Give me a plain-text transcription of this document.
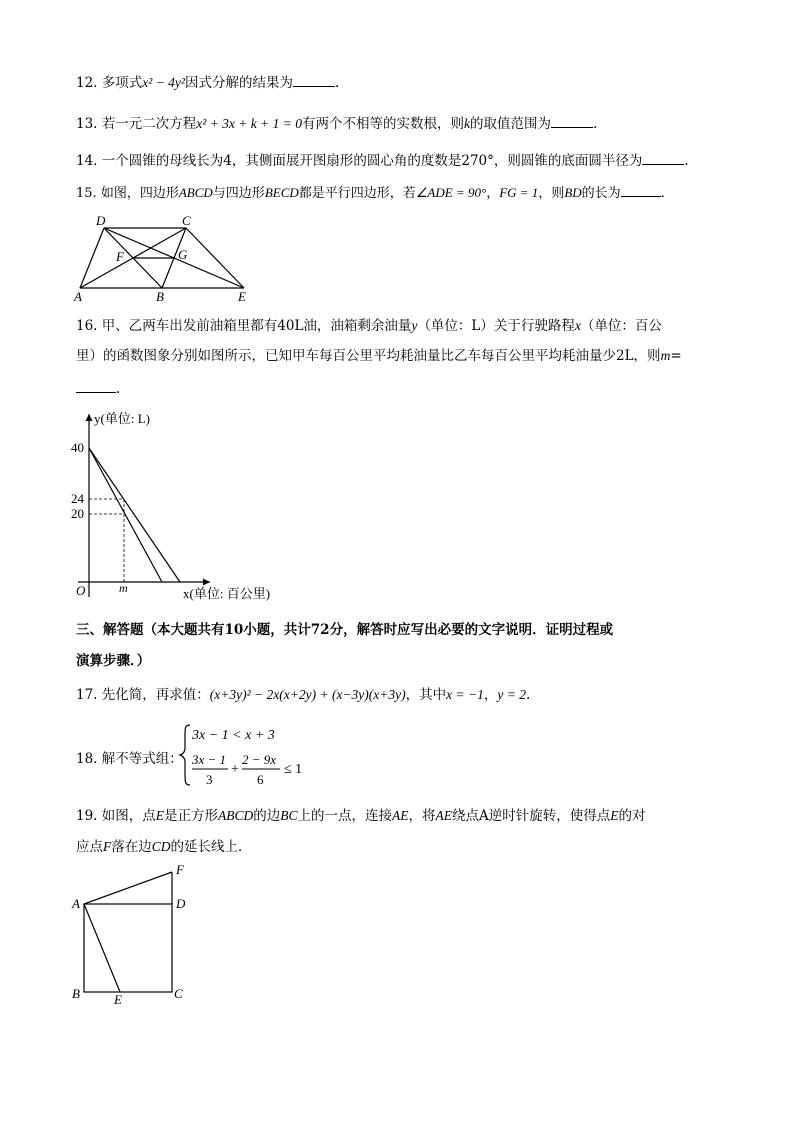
12. 多项式x² − 4y²因式分解的结果为	.
13. 若一元二次方程x² + 3x + k + 1 = 0有两个不相等的实数根，则k的取值范围为	.
14. 一个圆锥的母线长为4，其侧面展开图扇形的圆心角的度数是270°，则圆锥的底面圆半径为	.
15. 如图，四边形ABCD与四边形BECD都是平行四边形，若∠ADE = 90°，FG = 1，则BD的长为	.
D	C
F	G
A	B	E
16. 甲、乙两车出发前油箱里都有40L油，油箱剩余油量y（单位：L）关于行驶路程x（单位：百公
里）的函数图象分别如图所示，已知甲车每百公里平均耗油量比乙车每百公里平均耗油量少2L，则m=
.
y(单位: L)
x(单位: 百公里)
40
24
20
O	m
三、解答题（本大题共有10小题，共计72分，解答时应写出必要的文字说明．证明过程或
演算步骤．）
17. 先化简，再求值：(x+3y)² − 2x(x+2y) + (x−3y)(x+3y)，其中x = −1，y = 2.
18. 解不等式组：
3x − 1 < x + 3
3x − 1
3
+
2 − 9x
6
≤ 1
19. 如图，点E是正方形ABCD的边BC上的一点，连接AE，将AE绕点A逆时针旋转，使得点E的对
应点F落在边CD的延长线上．
F
A	D
B	E	C
